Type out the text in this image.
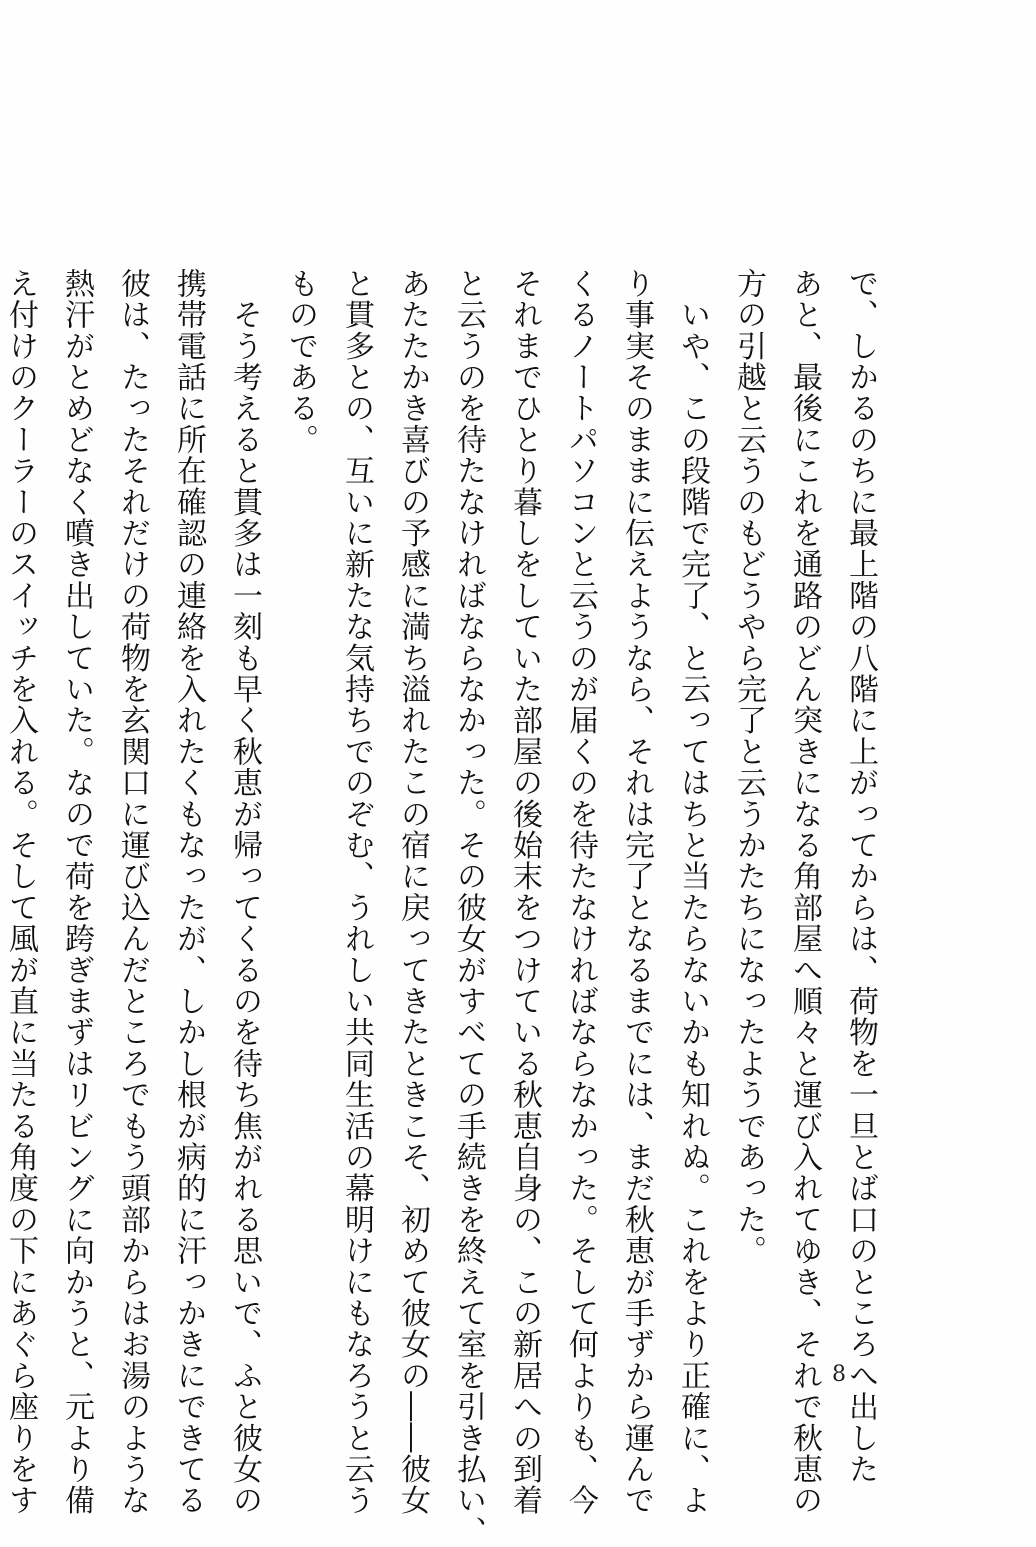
で、しかるのちに最上階の八階に上がってからは、荷物を一旦とば口のところへ出した
あと、最後にこれを通路のどん突きになる角部屋へ順々と運び入れてゆき、それで秋恵の
方の引越と云うのもどうやら完了と云うかたちになったようであった。
　いや、この段階で完了、と云ってはちと当たらないかも知れぬ。これをより正確に、よ
り事実そのままに伝えようなら、それは完了となるまでには、まだ秋恵が手ずから運んで
くるノートパソコンと云うのが届くのを待たなければならなかった。そして何よりも、今
それまでひとり暮しをしていた部屋の後始末をつけている秋恵自身の、この新居への到着
と云うのを待たなければならなかった。その彼女がすべての手続きを終えて室を引き払い、
あたたかき喜びの予感に満ち溢れたこの宿に戻ってきたときこそ、初めて彼女の――彼女
と貫多との、互いに新たな気持ちでのぞむ、うれしい共同生活の幕明けにもなろうと云う
ものである。
　そう考えると貫多は一刻も早く秋恵が帰ってくるのを待ち焦がれる思いで、ふと彼女の
携帯電話に所在確認の連絡を入れたくもなったが、しかし根が病的に汗っかきにできてる
彼は、たったそれだけの荷物を玄関口に運び込んだところでもう頭部からはお湯のような
熱汗がとめどなく噴き出していた。なので荷を跨ぎまずはリビングに向かうと、元より備
え付けのクーラーのスイッチを入れる。そして風が直に当たる角度の下にあぐら座りをす	8
